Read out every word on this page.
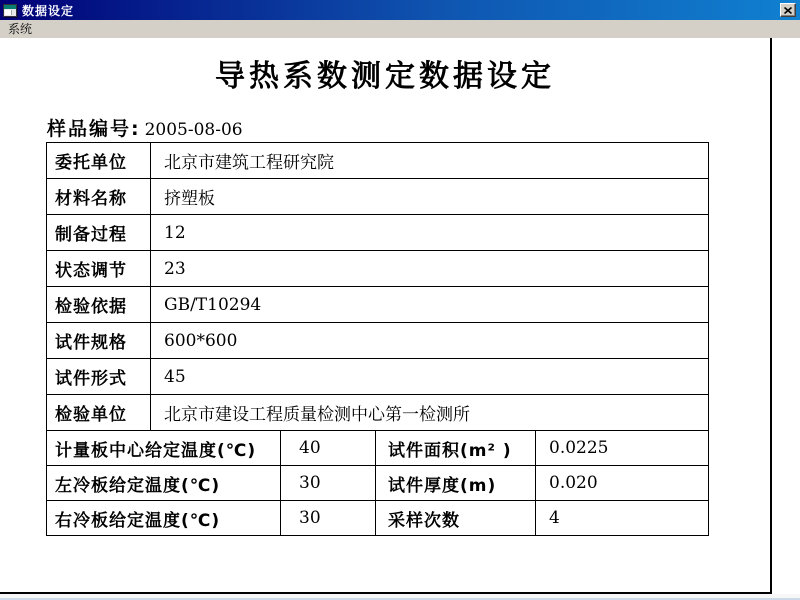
数据设定
系统
导热系数测定数据设定
样品编号: 2005-08-06
委托单位	北京市建筑工程研究院			
材料名称	挤塑板			
制备过程	12			
状态调节	23			
检验依据	GB/T10294			
试件规格	600*600			
试件形式	45			
检验单位	北京市建设工程质量检测中心第一检测所			
计量板中心给定温度(℃)		40	试件面积(m² )	0.0225
左冷板给定温度(℃)		30	试件厚度(m)	0.020
右冷板给定温度(℃)		30	采样次数	4
